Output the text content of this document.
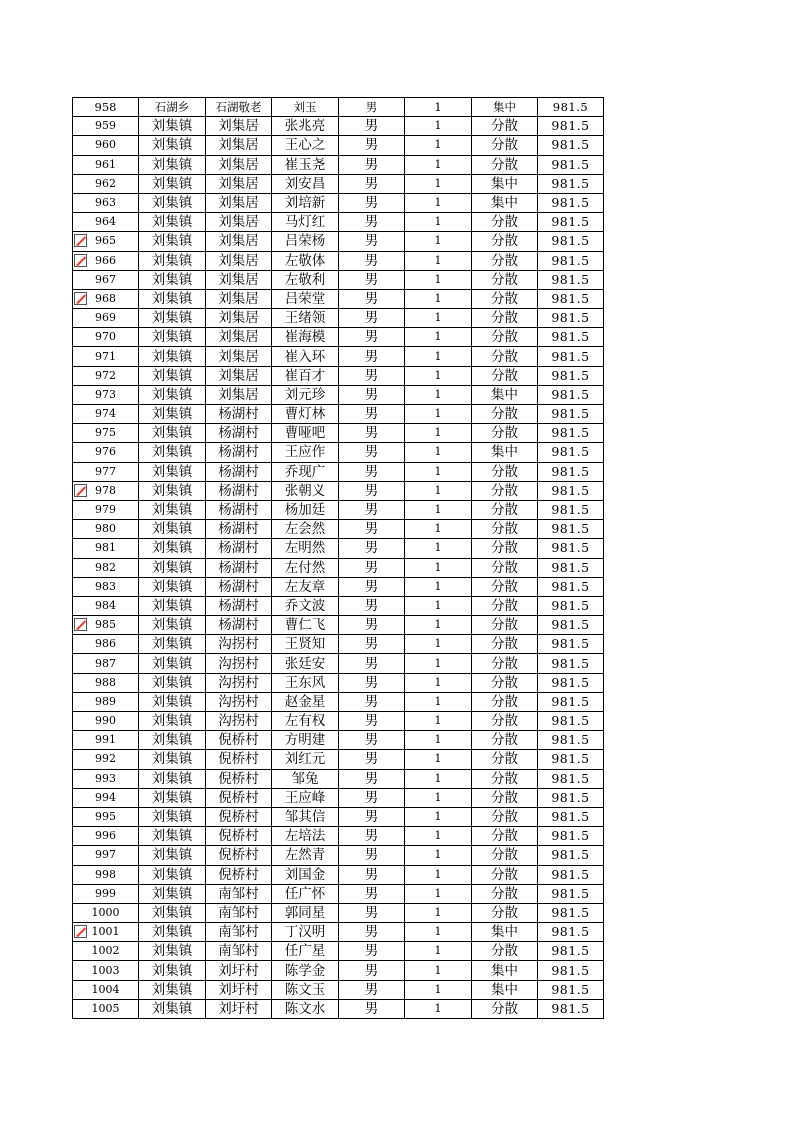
958	石湖乡	石湖敬老	刘玉	男	1	集中	981.5
959	刘集镇	刘集居	张兆亮	男	1	分散	981.5
960	刘集镇	刘集居	王心之	男	1	分散	981.5
961	刘集镇	刘集居	崔玉尧	男	1	分散	981.5
962	刘集镇	刘集居	刘安昌	男	1	集中	981.5
963	刘集镇	刘集居	刘培新	男	1	集中	981.5
964	刘集镇	刘集居	马灯红	男	1	分散	981.5
965	刘集镇	刘集居	吕荣杨	男	1	分散	981.5
966	刘集镇	刘集居	左敬体	男	1	分散	981.5
967	刘集镇	刘集居	左敬利	男	1	分散	981.5
968	刘集镇	刘集居	吕荣堂	男	1	分散	981.5
969	刘集镇	刘集居	王绪领	男	1	分散	981.5
970	刘集镇	刘集居	崔海模	男	1	分散	981.5
971	刘集镇	刘集居	崔入环	男	1	分散	981.5
972	刘集镇	刘集居	崔百才	男	1	分散	981.5
973	刘集镇	刘集居	刘元珍	男	1	集中	981.5
974	刘集镇	杨湖村	曹灯林	男	1	分散	981.5
975	刘集镇	杨湖村	曹哑吧	男	1	分散	981.5
976	刘集镇	杨湖村	王应作	男	1	集中	981.5
977	刘集镇	杨湖村	乔现广	男	1	分散	981.5
978	刘集镇	杨湖村	张朝义	男	1	分散	981.5
979	刘集镇	杨湖村	杨加廷	男	1	分散	981.5
980	刘集镇	杨湖村	左会然	男	1	分散	981.5
981	刘集镇	杨湖村	左明然	男	1	分散	981.5
982	刘集镇	杨湖村	左付然	男	1	分散	981.5
983	刘集镇	杨湖村	左友章	男	1	分散	981.5
984	刘集镇	杨湖村	乔文波	男	1	分散	981.5
985	刘集镇	杨湖村	曹仁飞	男	1	分散	981.5
986	刘集镇	沟拐村	王贤知	男	1	分散	981.5
987	刘集镇	沟拐村	张廷安	男	1	分散	981.5
988	刘集镇	沟拐村	王东风	男	1	分散	981.5
989	刘集镇	沟拐村	赵金星	男	1	分散	981.5
990	刘集镇	沟拐村	左有权	男	1	分散	981.5
991	刘集镇	倪桥村	方明建	男	1	分散	981.5
992	刘集镇	倪桥村	刘红元	男	1	分散	981.5
993	刘集镇	倪桥村	邹兔	男	1	分散	981.5
994	刘集镇	倪桥村	王应峰	男	1	分散	981.5
995	刘集镇	倪桥村	邹其信	男	1	分散	981.5
996	刘集镇	倪桥村	左培法	男	1	分散	981.5
997	刘集镇	倪桥村	左然青	男	1	分散	981.5
998	刘集镇	倪桥村	刘国金	男	1	分散	981.5
999	刘集镇	南邹村	任广怀	男	1	分散	981.5
1000	刘集镇	南邹村	郭同星	男	1	分散	981.5
1001	刘集镇	南邹村	丁汉明	男	1	集中	981.5
1002	刘集镇	南邹村	任广星	男	1	分散	981.5
1003	刘集镇	刘圩村	陈学金	男	1	集中	981.5
1004	刘集镇	刘圩村	陈文玉	男	1	集中	981.5
1005	刘集镇	刘圩村	陈文水	男	1	分散	981.5
